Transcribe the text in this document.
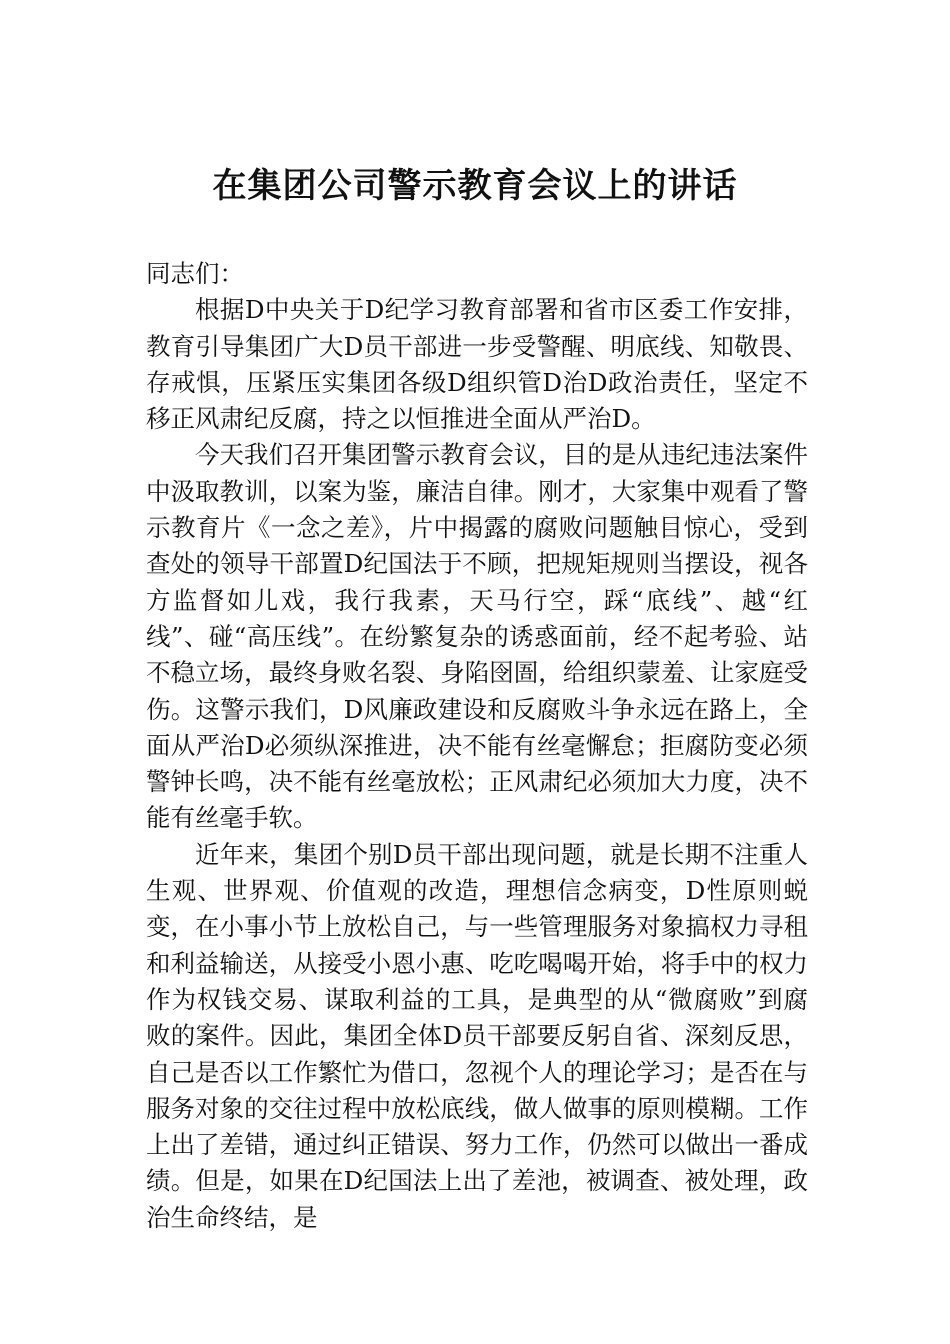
在集团公司警示教育会议上的讲话

同志们：

根据D中央关于D纪学习教育部署和省市区委工作安排，教育引导集团广大D员干部进一步受警醒、明底线、知敬畏、存戒惧，压紧压实集团各级D组织管D治D政治责任，坚定不移正风肃纪反腐，持之以恒推进全面从严治D。

今天我们召开集团警示教育会议，目的是从违纪违法案件中汲取教训，以案为鉴，廉洁自律。刚才，大家集中观看了警示教育片《一念之差》，片中揭露的腐败问题触目惊心，受到查处的领导干部置D纪国法于不顾，把规矩规则当摆设，视各方监督如儿戏，我行我素，天马行空，踩“底线”、越“红线”、碰“高压线”。在纷繁复杂的诱惑面前，经不起考验、站不稳立场，最终身败名裂、身陷囹圄，给组织蒙羞、让家庭受伤。这警示我们，D风廉政建设和反腐败斗争永远在路上，全面从严治D必须纵深推进，决不能有丝毫懈怠；拒腐防变必须警钟长鸣，决不能有丝毫放松；正风肃纪必须加大力度，决不能有丝毫手软。

近年来，集团个别D员干部出现问题，就是长期不注重人生观、世界观、价值观的改造，理想信念病变，D性原则蜕变，在小事小节上放松自己，与一些管理服务对象搞权力寻租和利益输送，从接受小恩小惠、吃吃喝喝开始，将手中的权力作为权钱交易、谋取利益的工具，是典型的从“微腐败”到腐败的案件。因此，集团全体D员干部要反躬自省、深刻反思，自己是否以工作繁忙为借口，忽视个人的理论学习；是否在与服务对象的交往过程中放松底线，做人做事的原则模糊。工作上出了差错，通过纠正错误、努力工作，仍然可以做出一番成绩。但是，如果在D纪国法上出了差池，被调查、被处理，政治生命终结，是
